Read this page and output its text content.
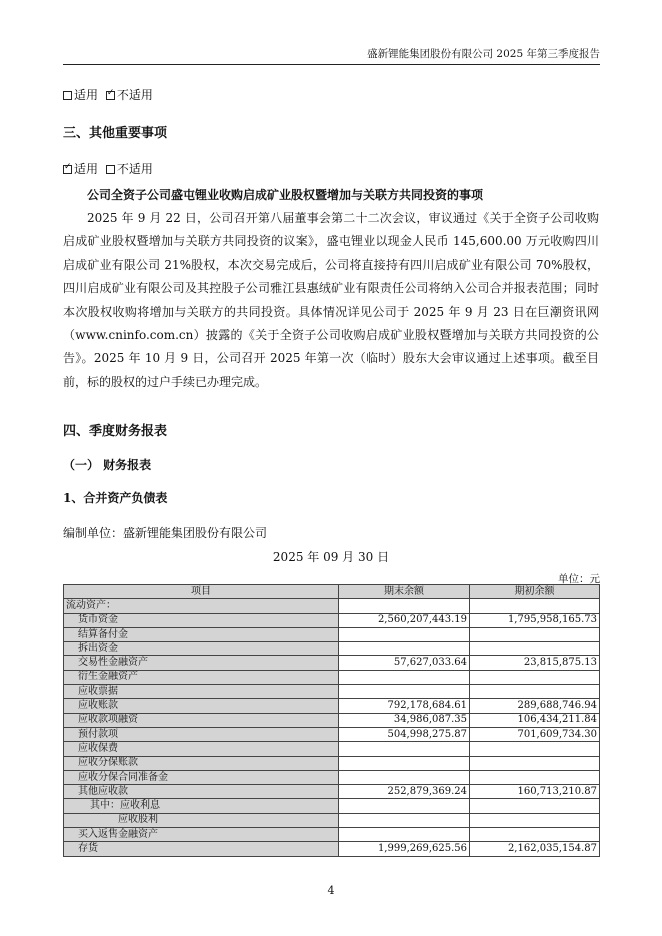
盛新锂能集团股份有限公司 2025 年第三季度报告
适用 ✓ 不适用
三、其他重要事项
✓适用 不适用
公司全资子公司盛屯锂业收购启成矿业股权暨增加与关联方共同投资的事项
2025 年 9 月 22 日，公司召开第八届董事会第二十二次会议，审议通过《关于全资子公司收购启成矿业股权暨增加与关联方共同投资的议案》，盛屯锂业以现金人民币 145,600.00 万元收购四川启成矿业有限公司 21%股权，本次交易完成后，公司将直接持有四川启成矿业有限公司 70%股权，四川启成矿业有限公司及其控股子公司雅江县惠绒矿业有限责任公司将纳入公司合并报表范围；同时本次股权收购将增加与关联方的共同投资。具体情况详见公司于 2025 年 9 月 23 日在巨潮资讯网（www.cninfo.com.cn）披露的《关于全资子公司收购启成矿业股权暨增加与关联方共同投资的公告》。2025 年 10 月 9 日，公司召开 2025 年第一次（临时）股东大会审议通过上述事项。截至目前，标的股权的过户手续已办理完成。
四、季度财务报表
（一） 财务报表
1、合并资产负债表
编制单位：盛新锂能集团股份有限公司
2025 年 09 月 30 日
单位：元
项目	期末余额	期初余额
流动资产：		
货币资金	2,560,207,443.19	1,795,958,165.73
结算备付金		
拆出资金		
交易性金融资产	57,627,033.64	23,815,875.13
衍生金融资产		
应收票据		
应收账款	792,178,684.61	289,688,746.94
应收款项融资	34,986,087.35	106,434,211.84
预付款项	504,998,275.87	701,609,734.30
应收保费		
应收分保账款		
应收分保合同准备金		
其他应收款	252,879,369.24	160,713,210.87
其中：应收利息		
应收股利		
买入返售金融资产		
存货	1,999,269,625.56	2,162,035,154.87
4
